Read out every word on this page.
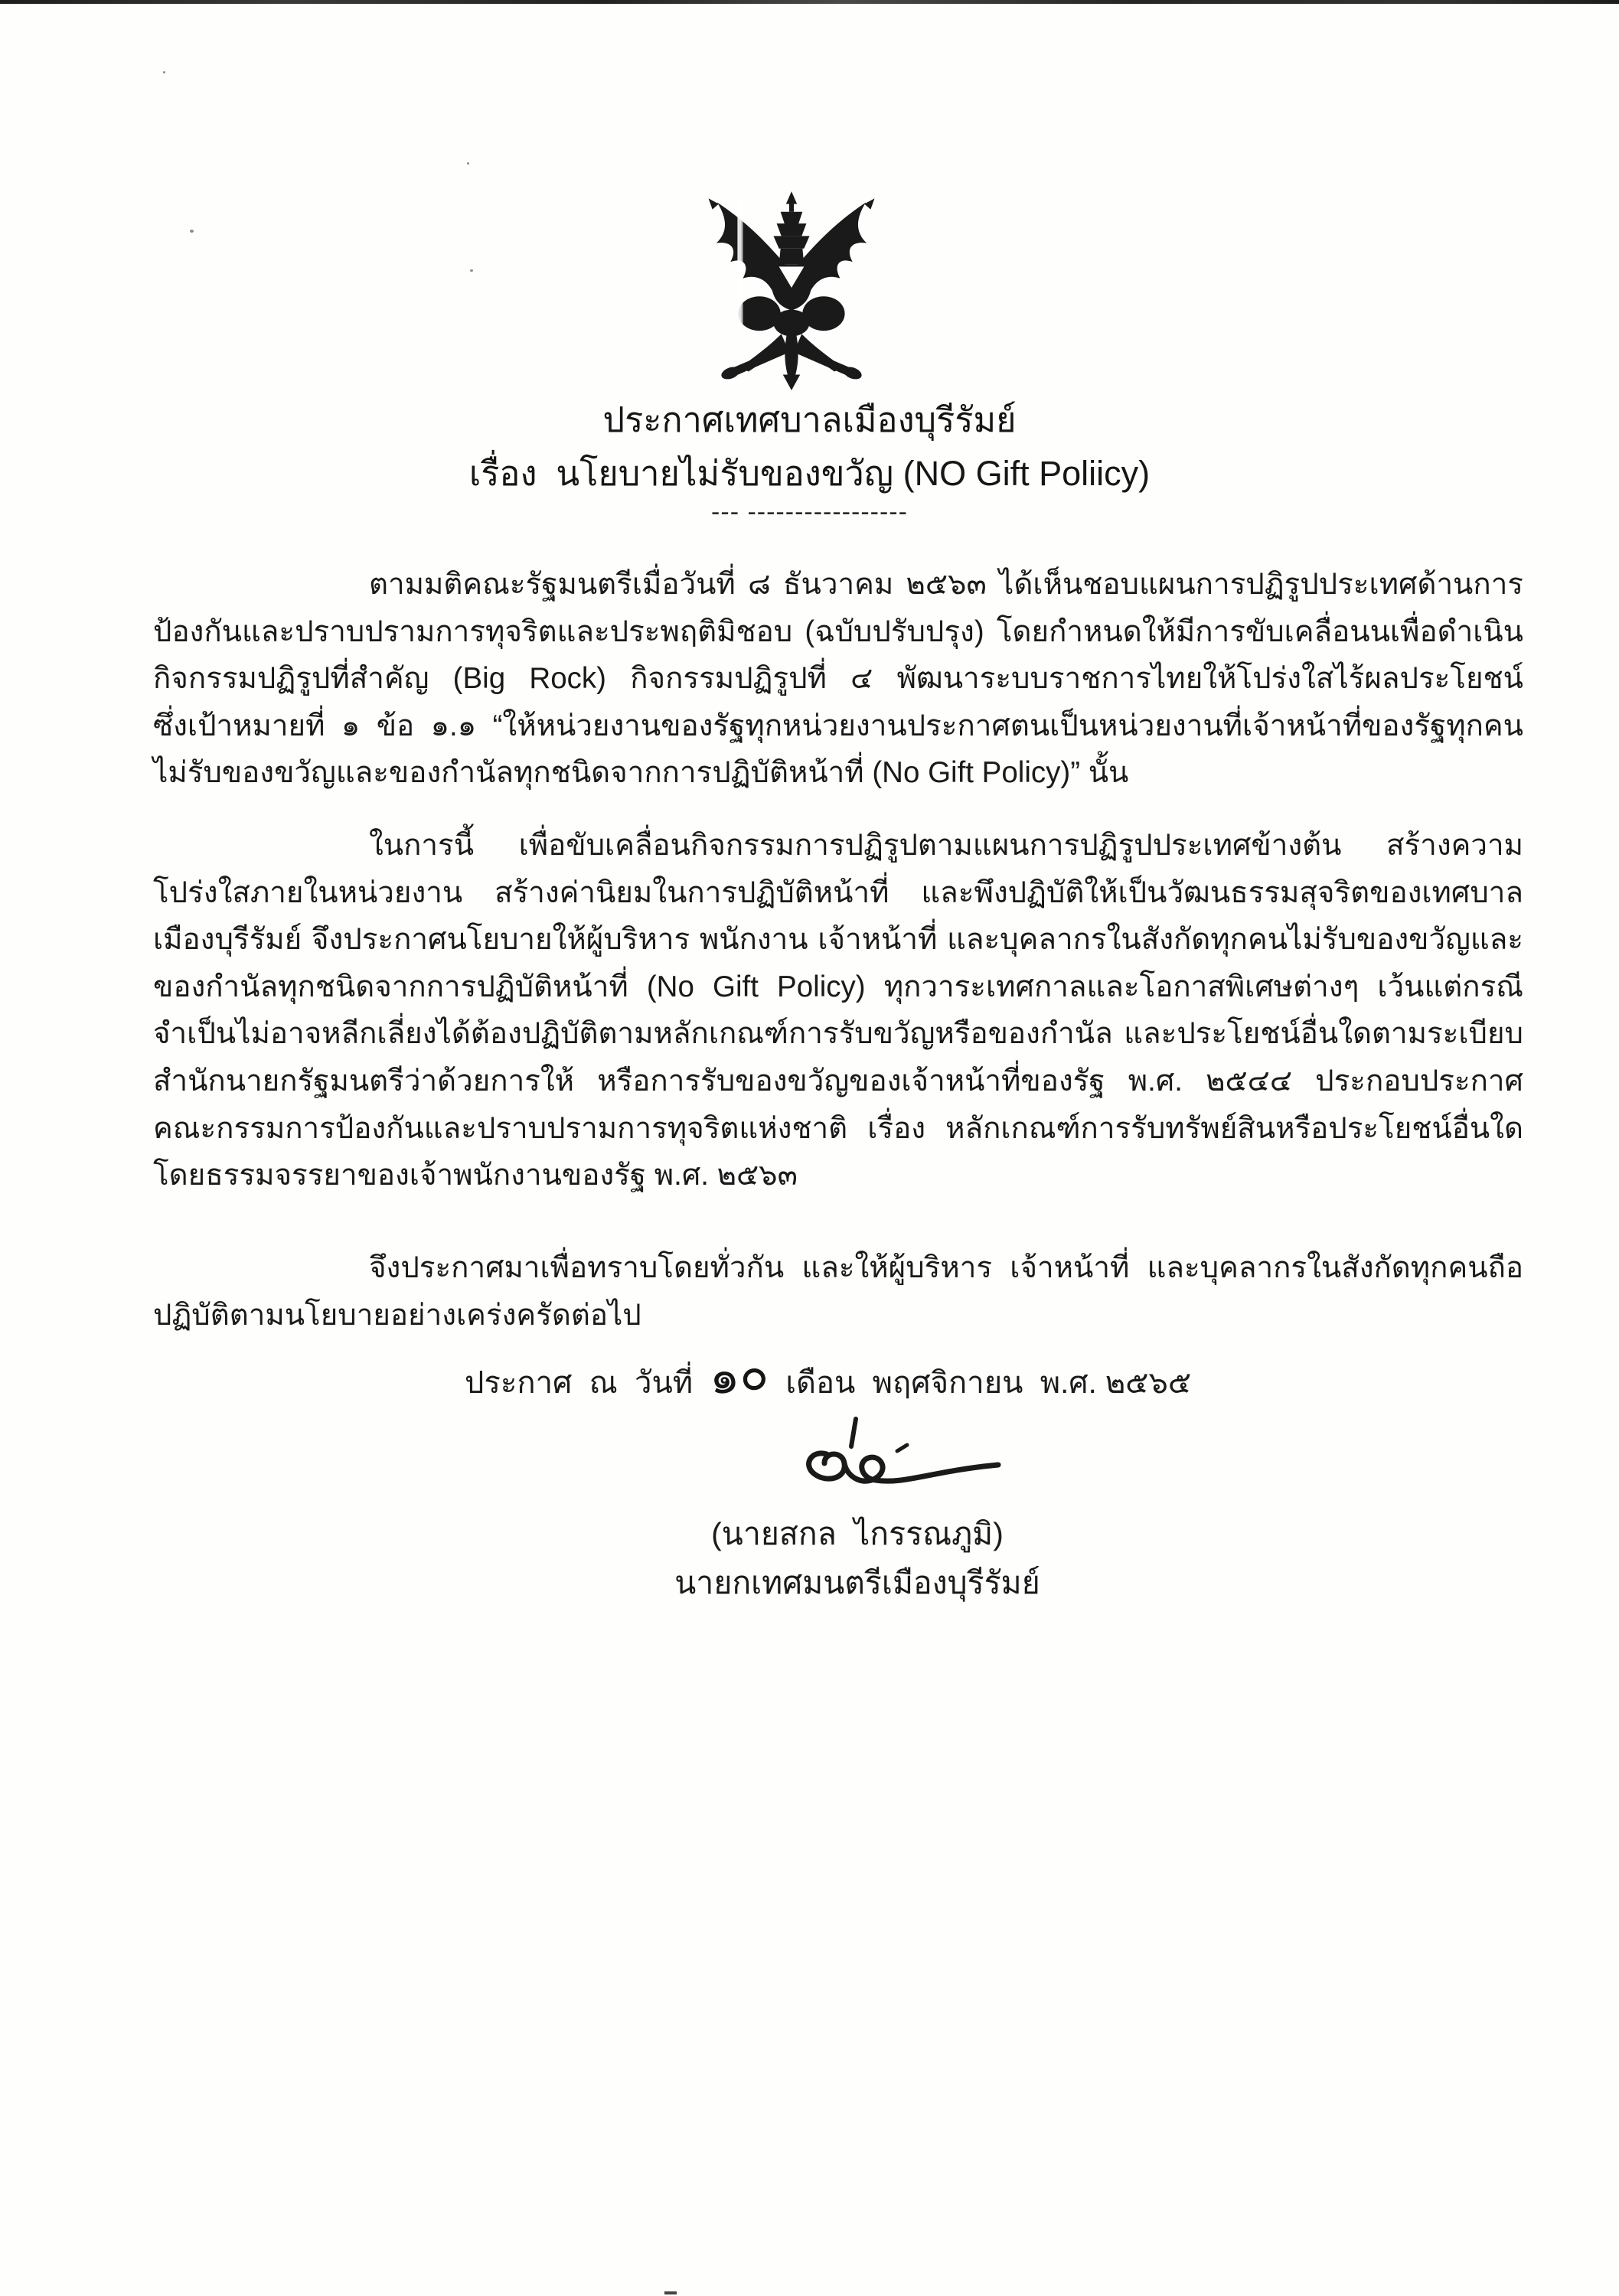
ประกาศเทศบาลเมืองบุรีรัมย์
เรื่อง  นโยบายไม่รับของขวัญ (NO Gift Poliicy)
--- -----------------
ตามมติคณะรัฐมนตรีเมื่อวันที่ ๘ ธันวาคม ๒๕๖๓ ได้เห็นชอบแผนการปฏิรูปประเทศด้านการ
ป้องกันและปราบปรามการทุจริตและประพฤติมิชอบ (ฉบับปรับปรุง) โดยกำหนดให้มีการขับเคลื่อนนเพื่อดำเนิน
กิจกรรมปฏิรูปที่สำคัญ (Big Rock) กิจกรรมปฏิรูปที่ ๔ พัฒนาระบบราชการไทยให้โปร่งใสไร้ผลประโยชน์
ซึ่งเป้าหมายที่ ๑ ข้อ ๑.๑ “ให้หน่วยงานของรัฐทุกหน่วยงานประกาศตนเป็นหน่วยงานที่เจ้าหน้าที่ของรัฐทุกคน
ไม่รับของขวัญและของกำนัลทุกชนิดจากการปฏิบัติหน้าที่ (No Gift Policy)” นั้น
ในการนี้ เพื่อขับเคลื่อนกิจกรรมการปฏิรูปตามแผนการปฏิรูปประเทศข้างต้น สร้างความ
โปร่งใสภายในหน่วยงาน สร้างค่านิยมในการปฏิบัติหน้าที่ และพึงปฏิบัติให้เป็นวัฒนธรรมสุจริตของเทศบาล
เมืองบุรีรัมย์ จึงประกาศนโยบายให้ผู้บริหาร พนักงาน เจ้าหน้าที่ และบุคลากรในสังกัดทุกคนไม่รับของขวัญและ
ของกำนัลทุกชนิดจากการปฏิบัติหน้าที่ (No Gift Policy) ทุกวาระเทศกาลและโอกาสพิเศษต่างๆ เว้นแต่กรณี
จำเป็นไม่อาจหลีกเลี่ยงได้ต้องปฏิบัติตามหลักเกณฑ์การรับขวัญหรือของกำนัล และประโยชน์อื่นใดตามระเบียบ
สำนักนายกรัฐมนตรีว่าด้วยการให้ หรือการรับของขวัญของเจ้าหน้าที่ของรัฐ พ.ศ. ๒๕๔๔ ประกอบประกาศ
คณะกรรมการป้องกันและปราบปรามการทุจริตแห่งชาติ เรื่อง หลักเกณฑ์การรับทรัพย์สินหรือประโยชน์อื่นใด
โดยธรรมจรรยาของเจ้าพนักงานของรัฐ พ.ศ. ๒๕๖๓
จึงประกาศมาเพื่อทราบโดยทั่วกัน และให้ผู้บริหาร เจ้าหน้าที่ และบุคลากรในสังกัดทุกคนถือ
ปฏิบัติตามนโยบายอย่างเคร่งครัดต่อไป
ประกาศ  ณ  วันที่ ๑๐ เดือน  พฤศจิกายน  พ.ศ. ๒๕๖๕
(นายสกล  ไกรรณภูมิ)
นายกเทศมนตรีเมืองบุรีรัมย์
